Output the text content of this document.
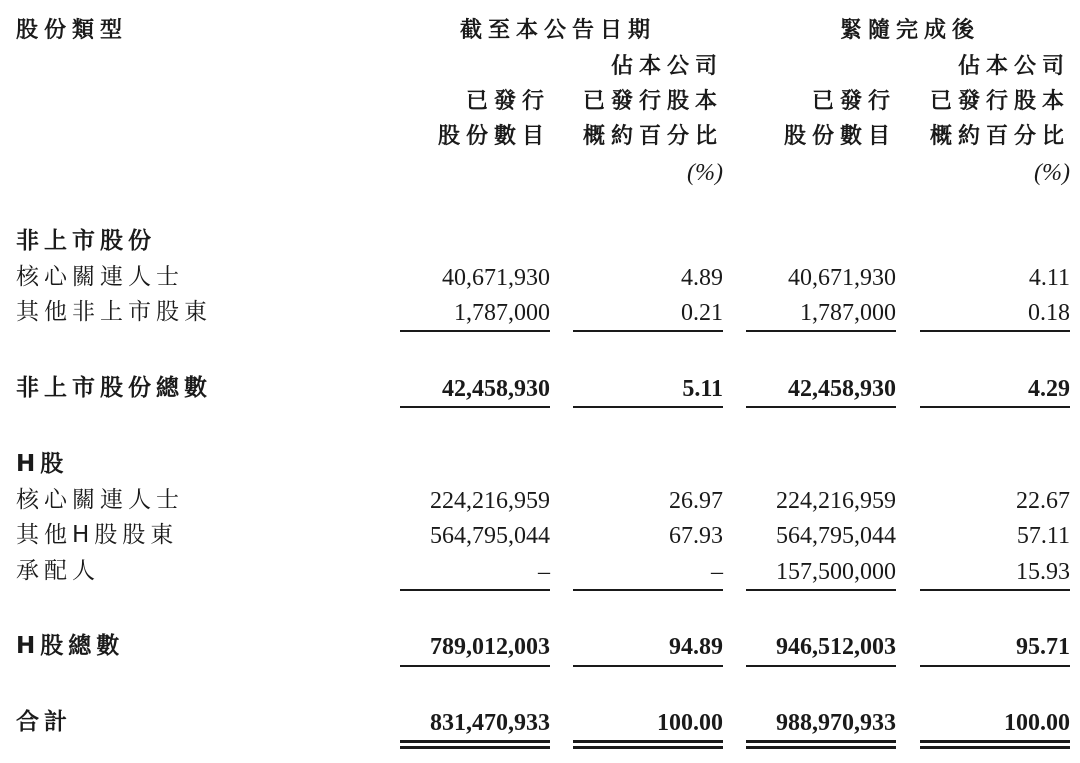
股份類型	截至本公告日期	緊隨完成後
佔本公司	佔本公司
已發行 已發行股本	已發行 已發行股本
股份數目 概約百分比	股份數目 概約百分比
(%)	(%)
非上市股份
核心關連人士	40,671,930	4.89	40,671,930	4.11
其他非上市股東	1,787,000	0.21	1,787,000	0.18
非上市股份總數	42,458,930	5.11	42,458,930	4.29
H股
核心關連人士	224,216,959	26.97 224,216,959	22.67
其他H股股東	564,795,044	67.93 564,795,044	57.11
承配人	–	– 157,500,000	15.93
H股總數	789,012,003	94.89 946,512,003	95.71
合計	831,470,933	100.00 988,970,933	100.00
